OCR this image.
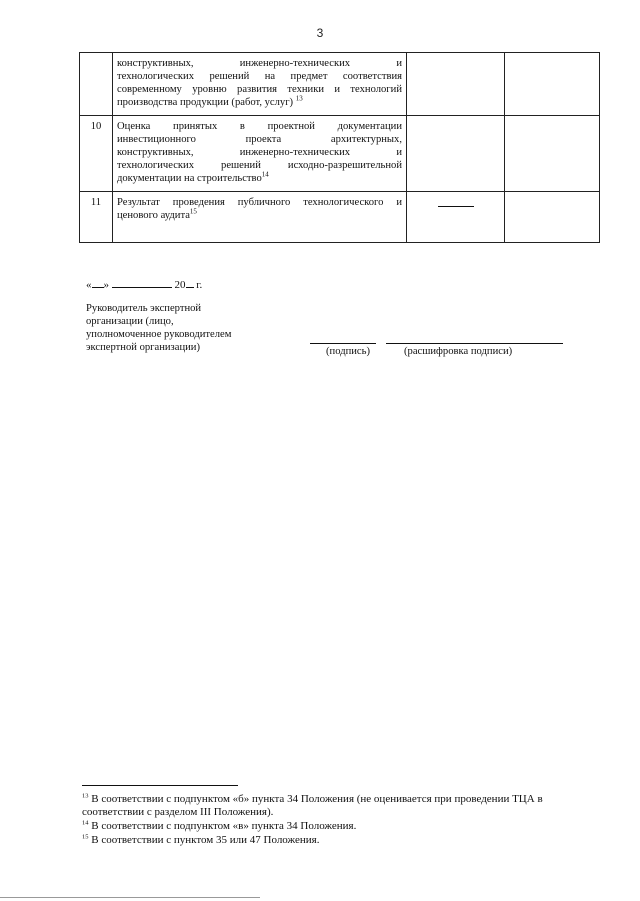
3

	конструктивных, инженерно-технических и

технологических решений на предмет соответствия

современному уровню развития техники и технологий

производства продукции (работ, услуг) $^{13}$

10	Оценка принятых в проектной документации

инвестиционного проекта архитектурных,

конструктивных, инженерно-технических и

технологических решений исходно-разрешительной

документации на строительство$^{14}$

11	Результат проведения публичного технологического и

ценового аудита$^{15}$

« »	20 г.
Руководитель экспертной
организации (лицо,
уполномоченное руководителем
экспертной организации)	(подпись)	(расшифровка подписи)

$^{13}$ В соответствии с подпунктом «б» пункта 34 Положения (не оценивается при проведении ТЦА в соответствии с разделом III Положения).

$^{14}$ В соответствии с подпунктом «в» пункта 34 Положения.

$^{15}$ В соответствии с пунктом 35 или 47 Положения.
